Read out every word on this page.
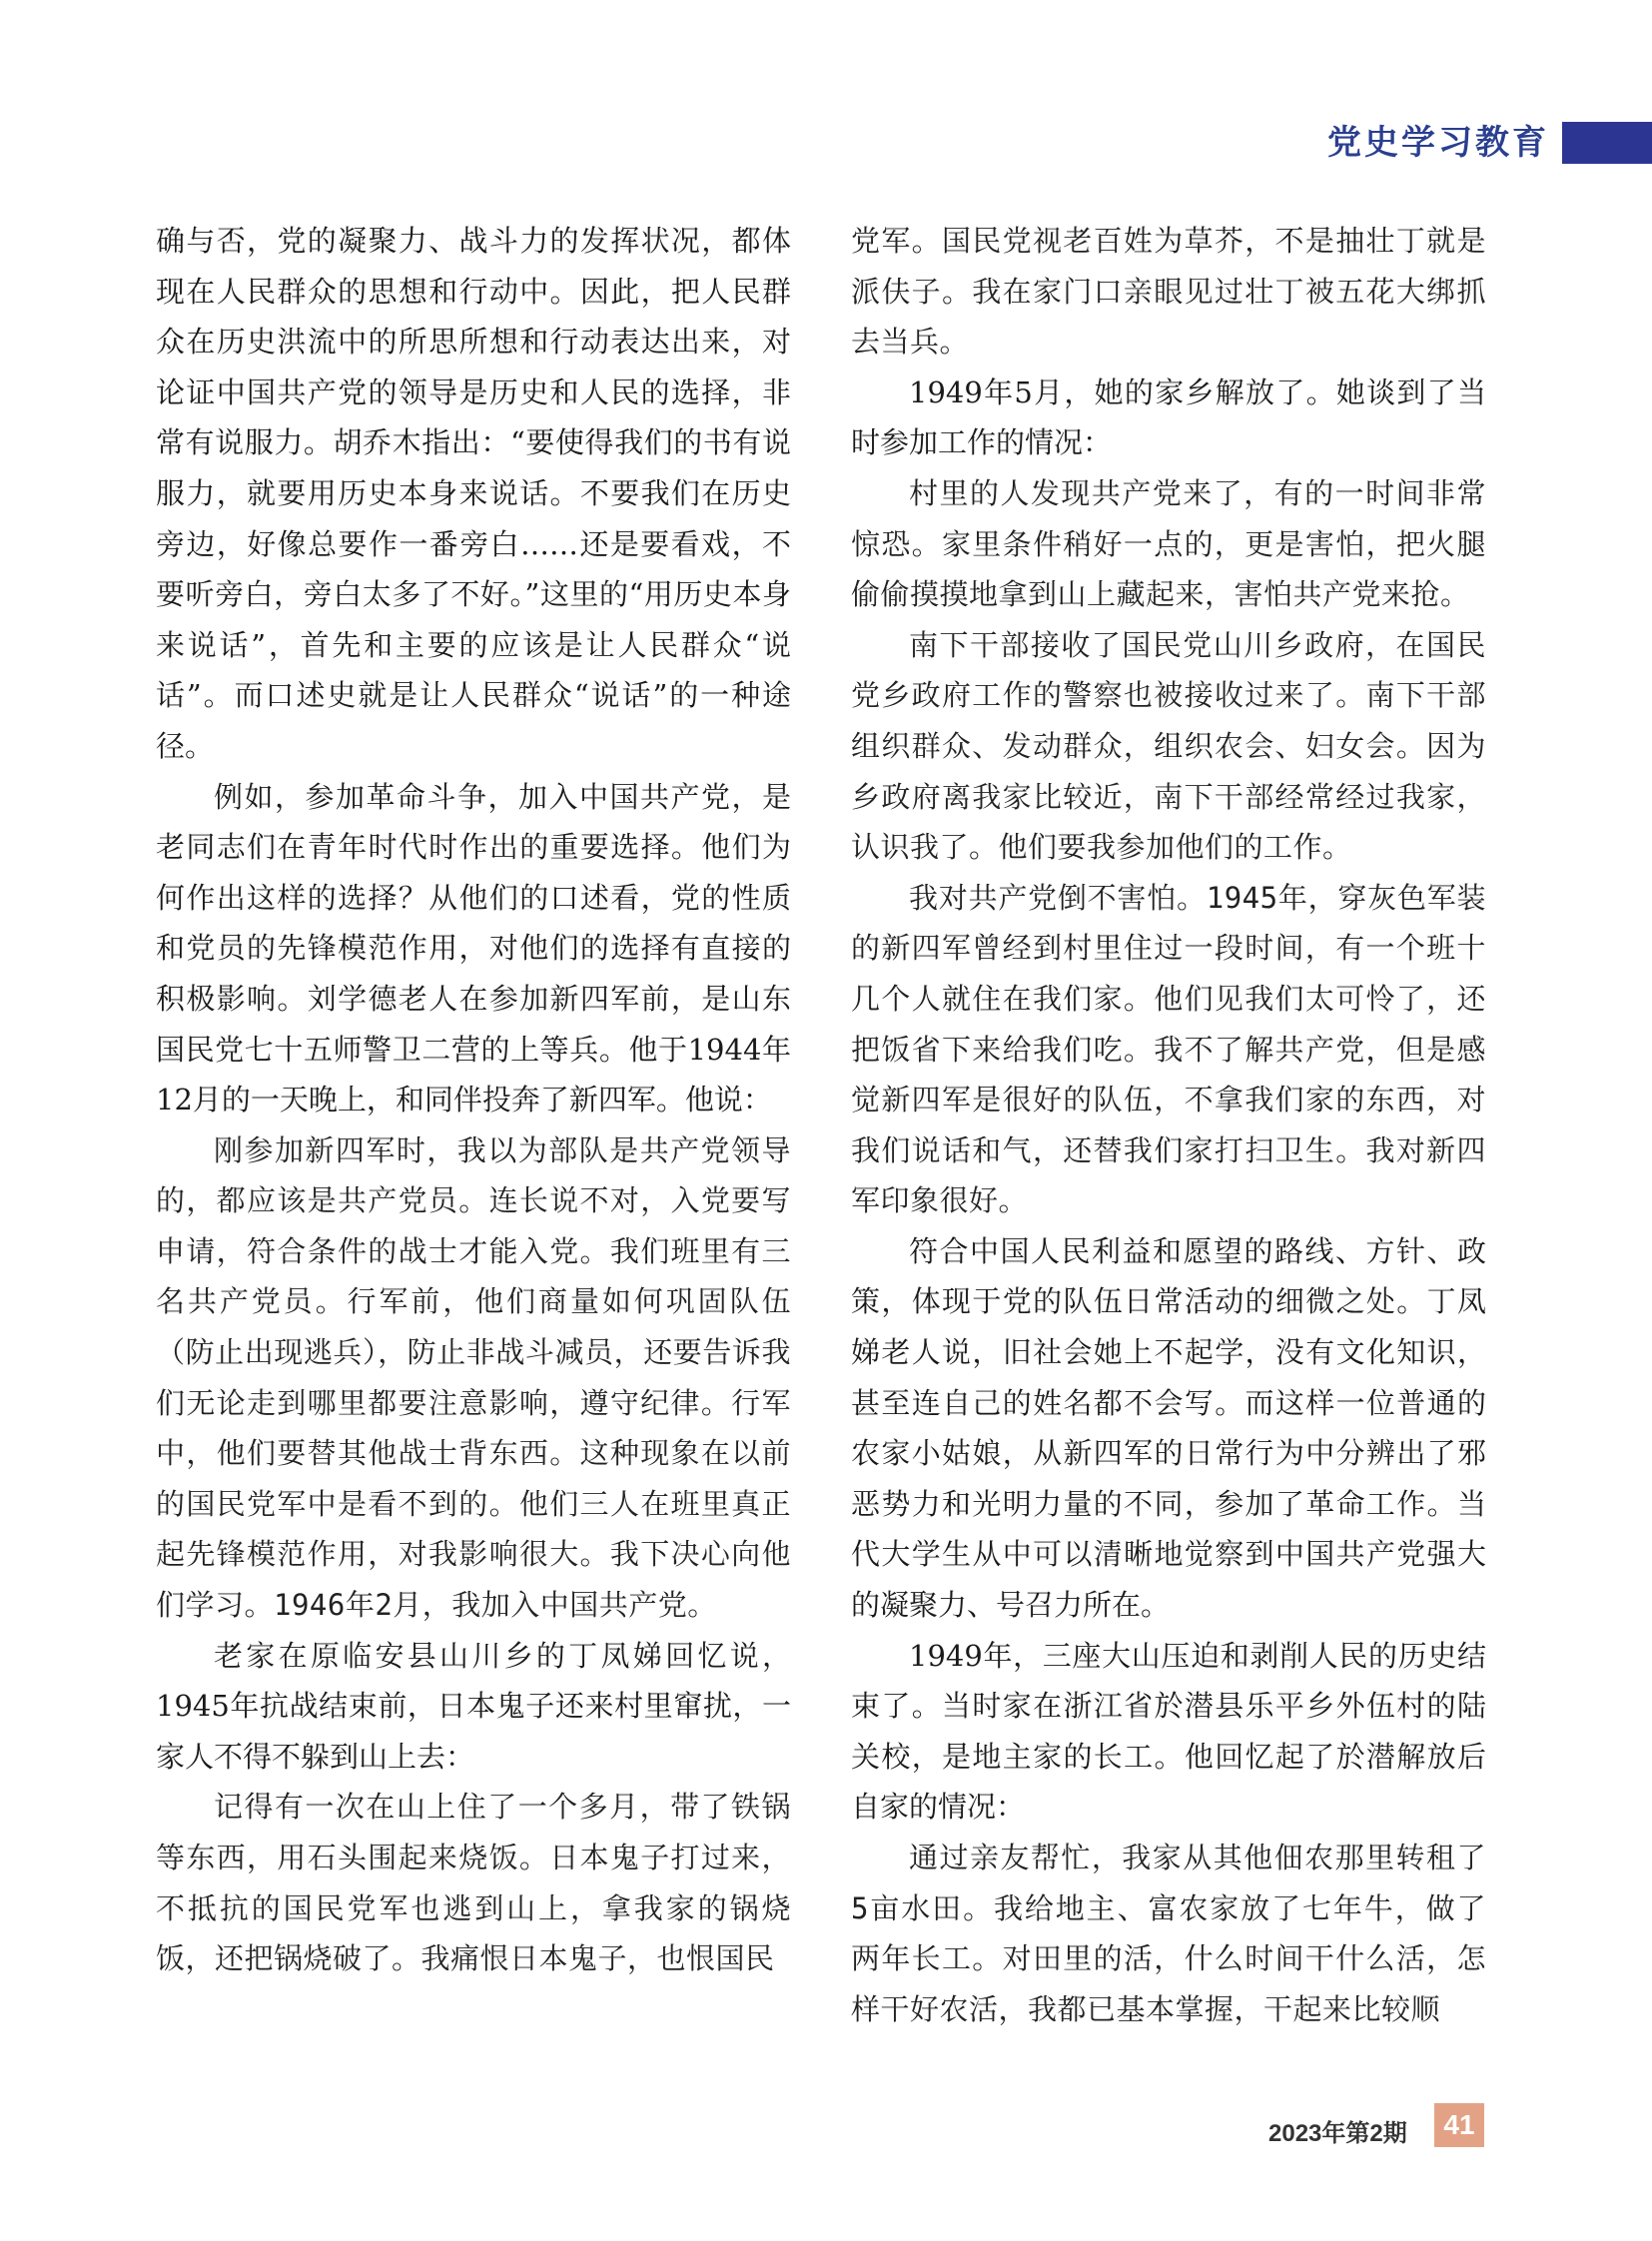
党史学习教育

确与否，党的凝聚力、战斗力的发挥状况，都体现在人民群众的思想和行动中。因此，把人民群众在历史洪流中的所思所想和行动表达出来，对论证中国共产党的领导是历史和人民的选择，非常有说服力。胡乔木指出：“要使得我们的书有说服力，就要用历史本身来说话。不要我们在历史旁边，好像总要作一番旁白……还是要看戏，不要听旁白，旁白太多了不好。”这里的“用历史本身来说话”，首先和主要的应该是让人民群众“说话”。而口述史就是让人民群众“说话”的一种途径。

例如，参加革命斗争，加入中国共产党，是老同志们在青年时代时作出的重要选择。他们为何作出这样的选择？从他们的口述看，党的性质和党员的先锋模范作用，对他们的选择有直接的积极影响。刘学德老人在参加新四军前，是山东国民党七十五师警卫二营的上等兵。他于1944年12月的一天晚上，和同伴投奔了新四军。他说：

刚参加新四军时，我以为部队是共产党领导的，都应该是共产党员。连长说不对，入党要写申请，符合条件的战士才能入党。我们班里有三名共产党员。行军前，他们商量如何巩固队伍（防止出现逃兵），防止非战斗减员，还要告诉我们无论走到哪里都要注意影响，遵守纪律。行军中，他们要替其他战士背东西。这种现象在以前的国民党军中是看不到的。他们三人在班里真正起先锋模范作用，对我影响很大。我下决心向他们学习。1946年2月，我加入中国共产党。

老家在原临安县山川乡的丁凤娣回忆说，1945年抗战结束前，日本鬼子还来村里窜扰，一家人不得不躲到山上去：

记得有一次在山上住了一个多月，带了铁锅等东西，用石头围起来烧饭。日本鬼子打过来，不抵抗的国民党军也逃到山上，拿我家的锅烧饭，还把锅烧破了。我痛恨日本鬼子，也恨国民

党军。国民党视老百姓为草芥，不是抽壮丁就是派伕子。我在家门口亲眼见过壮丁被五花大绑抓去当兵。

1949年5月，她的家乡解放了。她谈到了当时参加工作的情况：

村里的人发现共产党来了，有的一时间非常惊恐。家里条件稍好一点的，更是害怕，把火腿偷偷摸摸地拿到山上藏起来，害怕共产党来抢。

南下干部接收了国民党山川乡政府，在国民党乡政府工作的警察也被接收过来了。南下干部组织群众、发动群众，组织农会、妇女会。因为乡政府离我家比较近，南下干部经常经过我家，认识我了。他们要我参加他们的工作。

我对共产党倒不害怕。1945年，穿灰色军装的新四军曾经到村里住过一段时间，有一个班十几个人就住在我们家。他们见我们太可怜了，还把饭省下来给我们吃。我不了解共产党，但是感觉新四军是很好的队伍，不拿我们家的东西，对我们说话和气，还替我们家打扫卫生。我对新四军印象很好。

符合中国人民利益和愿望的路线、方针、政策，体现于党的队伍日常活动的细微之处。丁凤娣老人说，旧社会她上不起学，没有文化知识，甚至连自己的姓名都不会写。而这样一位普通的农家小姑娘，从新四军的日常行为中分辨出了邪恶势力和光明力量的不同，参加了革命工作。当代大学生从中可以清晰地觉察到中国共产党强大的凝聚力、号召力所在。

1949年，三座大山压迫和剥削人民的历史结束了。当时家在浙江省於潜县乐平乡外伍村的陆关校，是地主家的长工。他回忆起了於潜解放后自家的情况：

通过亲友帮忙，我家从其他佃农那里转租了5亩水田。我给地主、富农家放了七年牛，做了两年长工。对田里的活，什么时间干什么活，怎样干好农活，我都已基本掌握，干起来比较顺

2023年第2期	41
